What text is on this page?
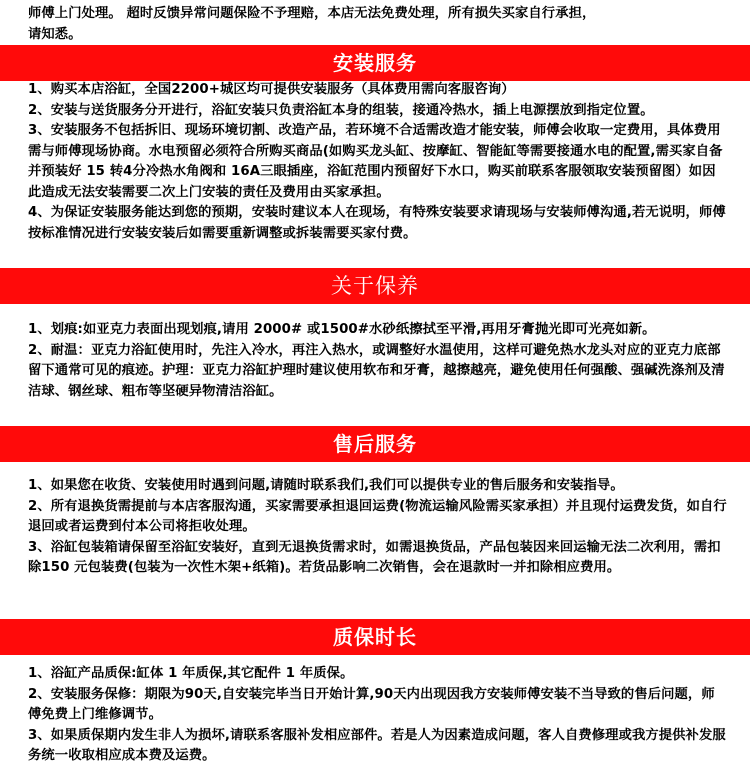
师傅上门处理。 超时反馈异常问题保险不予理赔，本店无法免费处理，所有损失买家自行承担，

请知悉。

安装服务

1、购买本店浴缸，全国2200+城区均可提供安装服务（具体费用需向客服咨询）

2、安装与送货服务分开进行，浴缸安装只负责浴缸本身的组装，接通冷热水，插上电源摆放到指定位置。

3、安装服务不包括拆旧、现场环境切割、改造产品，若环境不合适需改造才能安装，师傅会收取一定费用，具体费用需与师傅现场协商。水电预留必须符合所购买商品(如购买龙头缸、按摩缸、智能缸等需要接通水电的配置,需买家自备并预装好 15 转4分冷热水角阀和 16A三眼插座，浴缸范围内预留好下水口，购买前联系客服领取安装预留图）如因此造成无法安装需要二次上门安装的责任及费用由买家承担。

4、为保证安装服务能达到您的预期，安装时建议本人在现场，有特殊安装要求请现场与安装师傅沟通,若无说明，师傅按标准情况进行安装安装后如需要重新调整或拆装需要买家付费。

关于保养

1、划痕:如亚克力表面出现划痕,请用 2000# 或1500#水砂纸擦拭至平滑,再用牙膏抛光即可光亮如新。

2、耐温：亚克力浴缸使用时，先注入冷水，再注入热水，或调整好水温使用，这样可避免热水龙头对应的亚克力底部留下通常可见的痕迹。护理：亚克力浴缸护理时建议使用软布和牙膏，越擦越亮，避免使用任何强酸、强碱洗涤剂及清洁球、钢丝球、粗布等坚硬异物清洁浴缸。

售后服务

1、如果您在收货、安装使用时遇到问题,请随时联系我们,我们可以提供专业的售后服务和安装指导。

2、所有退换货需提前与本店客服沟通，买家需要承担退回运费(物流运输风险需买家承担）并且现付运费发货，如自行退回或者运费到付本公司将拒收处理。

3、浴缸包装箱请保留至浴缸安装好，直到无退换货需求时，如需退换货品，产品包装因来回运输无法二次利用，需扣除150 元包装费(包装为一次性木架+纸箱)。若货品影响二次销售，会在退款时一并扣除相应费用。

质保时长

1、浴缸产品质保:缸体 1 年质保,其它配件 1 年质保。

2、安装服务保修：期限为90天,自安装完毕当日开始计算,90天内出现因我方安装师傅安装不当导致的售后问题，师傅免费上门维修调节。

3、如果质保期内发生非人为损坏,请联系客服补发相应部件。若是人为因素造成问题，客人自费修理或我方提供补发服务统一收取相应成本费及运费。
